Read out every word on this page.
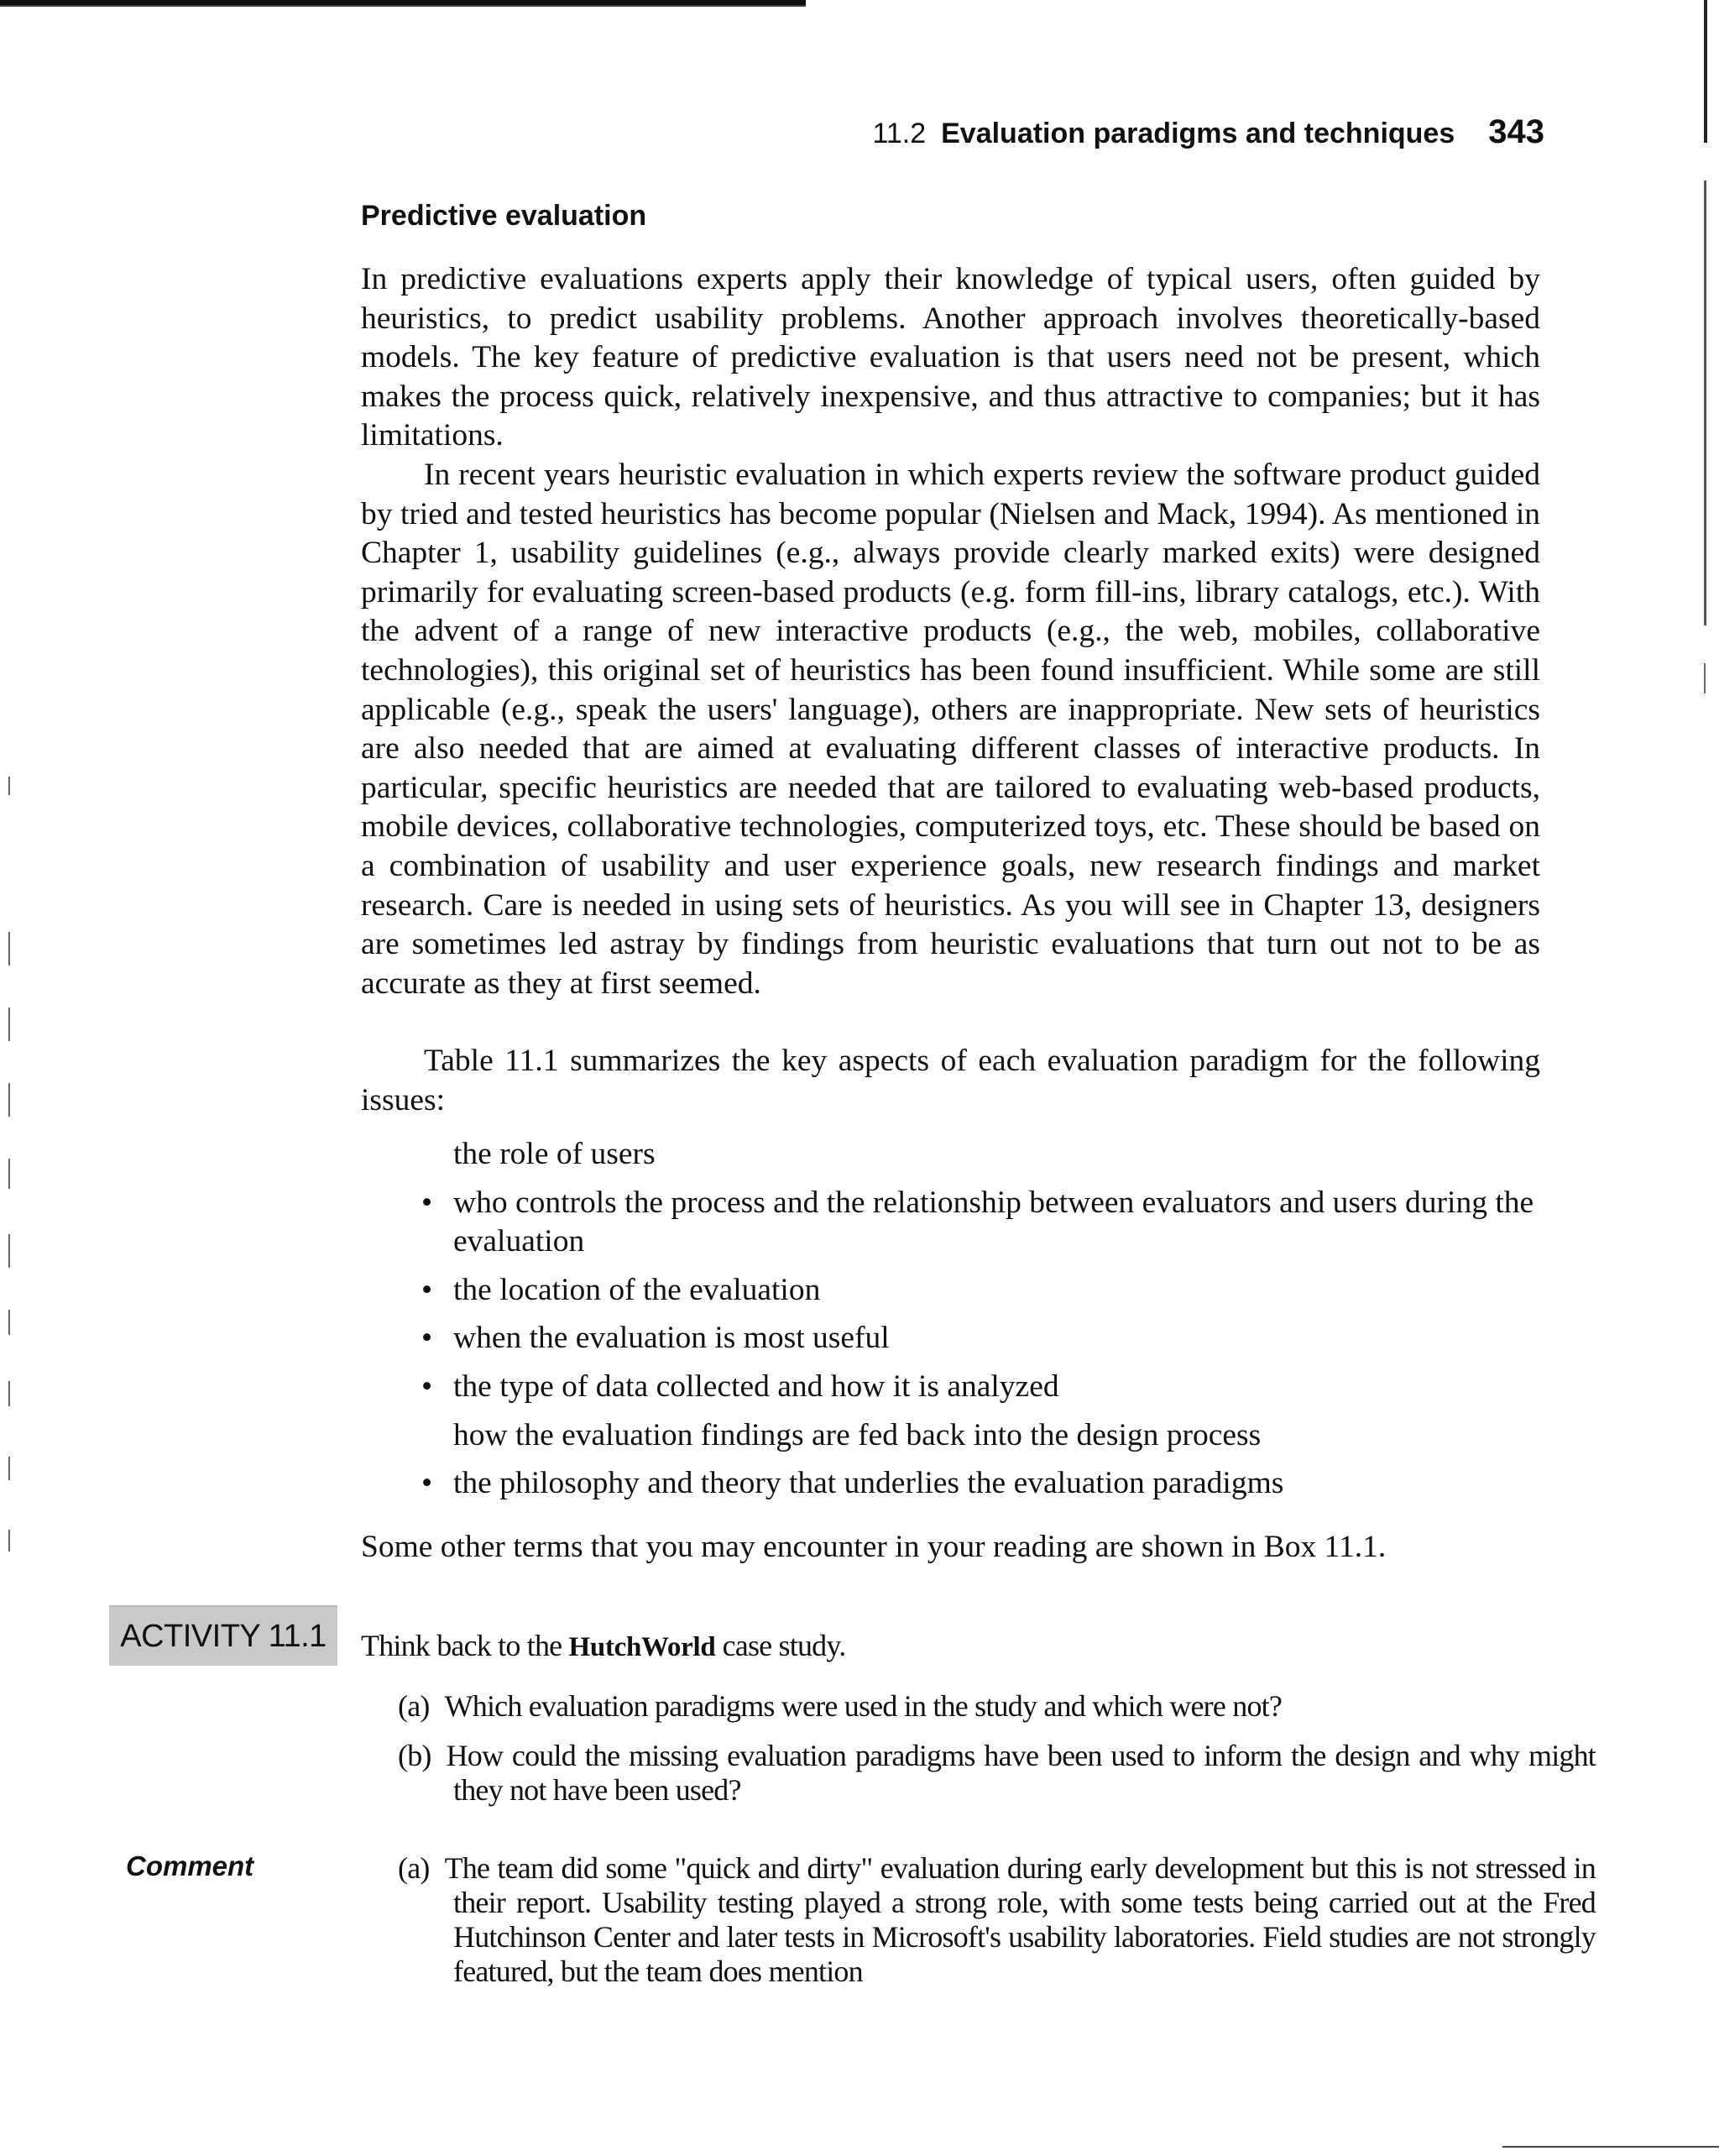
11.2 Evaluation paradigms and techniques 343
Predictive evaluation

In predictive evaluations experts apply their knowledge of typical users, often guided by heuristics, to predict usability problems. Another approach involves theoretically-based models. The key feature of predictive evaluation is that users need not be present, which makes the process quick, relatively inexpensive, and thus attractive to companies; but it has limitations.

In recent years heuristic evaluation in which experts review the software product guided by tried and tested heuristics has become popular (Nielsen and Mack, 1994). As mentioned in Chapter 1, usability guidelines (e.g., always provide clearly marked exits) were designed primarily for evaluating screen-based products (e.g. form fill-ins, library catalogs, etc.). With the advent of a range of new interactive products (e.g., the web, mobiles, collaborative technologies), this original set of heuristics has been found insufficient. While some are still applicable (e.g., speak the users' language), others are inappropriate. New sets of heuristics are also needed that are aimed at evaluating different classes of interactive products. In particular, specific heuristics are needed that are tailored to evaluating web-based products, mobile devices, collaborative technologies, computerized toys, etc. These should be based on a combination of usability and user experience goals, new research findings and market research. Care is needed in using sets of heuristics. As you will see in Chapter 13, designers are sometimes led astray by findings from heuristic evaluations that turn out not to be as accurate as they at first seemed.

Table 11.1 summarizes the key aspects of each evaluation paradigm for the following issues:

the role of users
• who controls the process and the relationship between evaluators and users during the evaluation
• the location of the evaluation
• when the evaluation is most useful
• the type of data collected and how it is analyzed
how the evaluation findings are fed back into the design process
• the philosophy and theory that underlies the evaluation paradigms

Some other terms that you may encounter in your reading are shown in Box 11.1.

ACTIVITY 11.1	Think back to the HutchWorld case study.

(a) Which evaluation paradigms were used in the study and which were not?

(b) How could the missing evaluation paradigms have been used to inform the design and why might they not have been used?

Comment	(a) The team did some "quick and dirty" evaluation during early development but this is not stressed in their report. Usability testing played a strong role, with some tests being carried out at the Fred Hutchinson Center and later tests in Microsoft's usability laboratories. Field studies are not strongly featured, but the team does mention
